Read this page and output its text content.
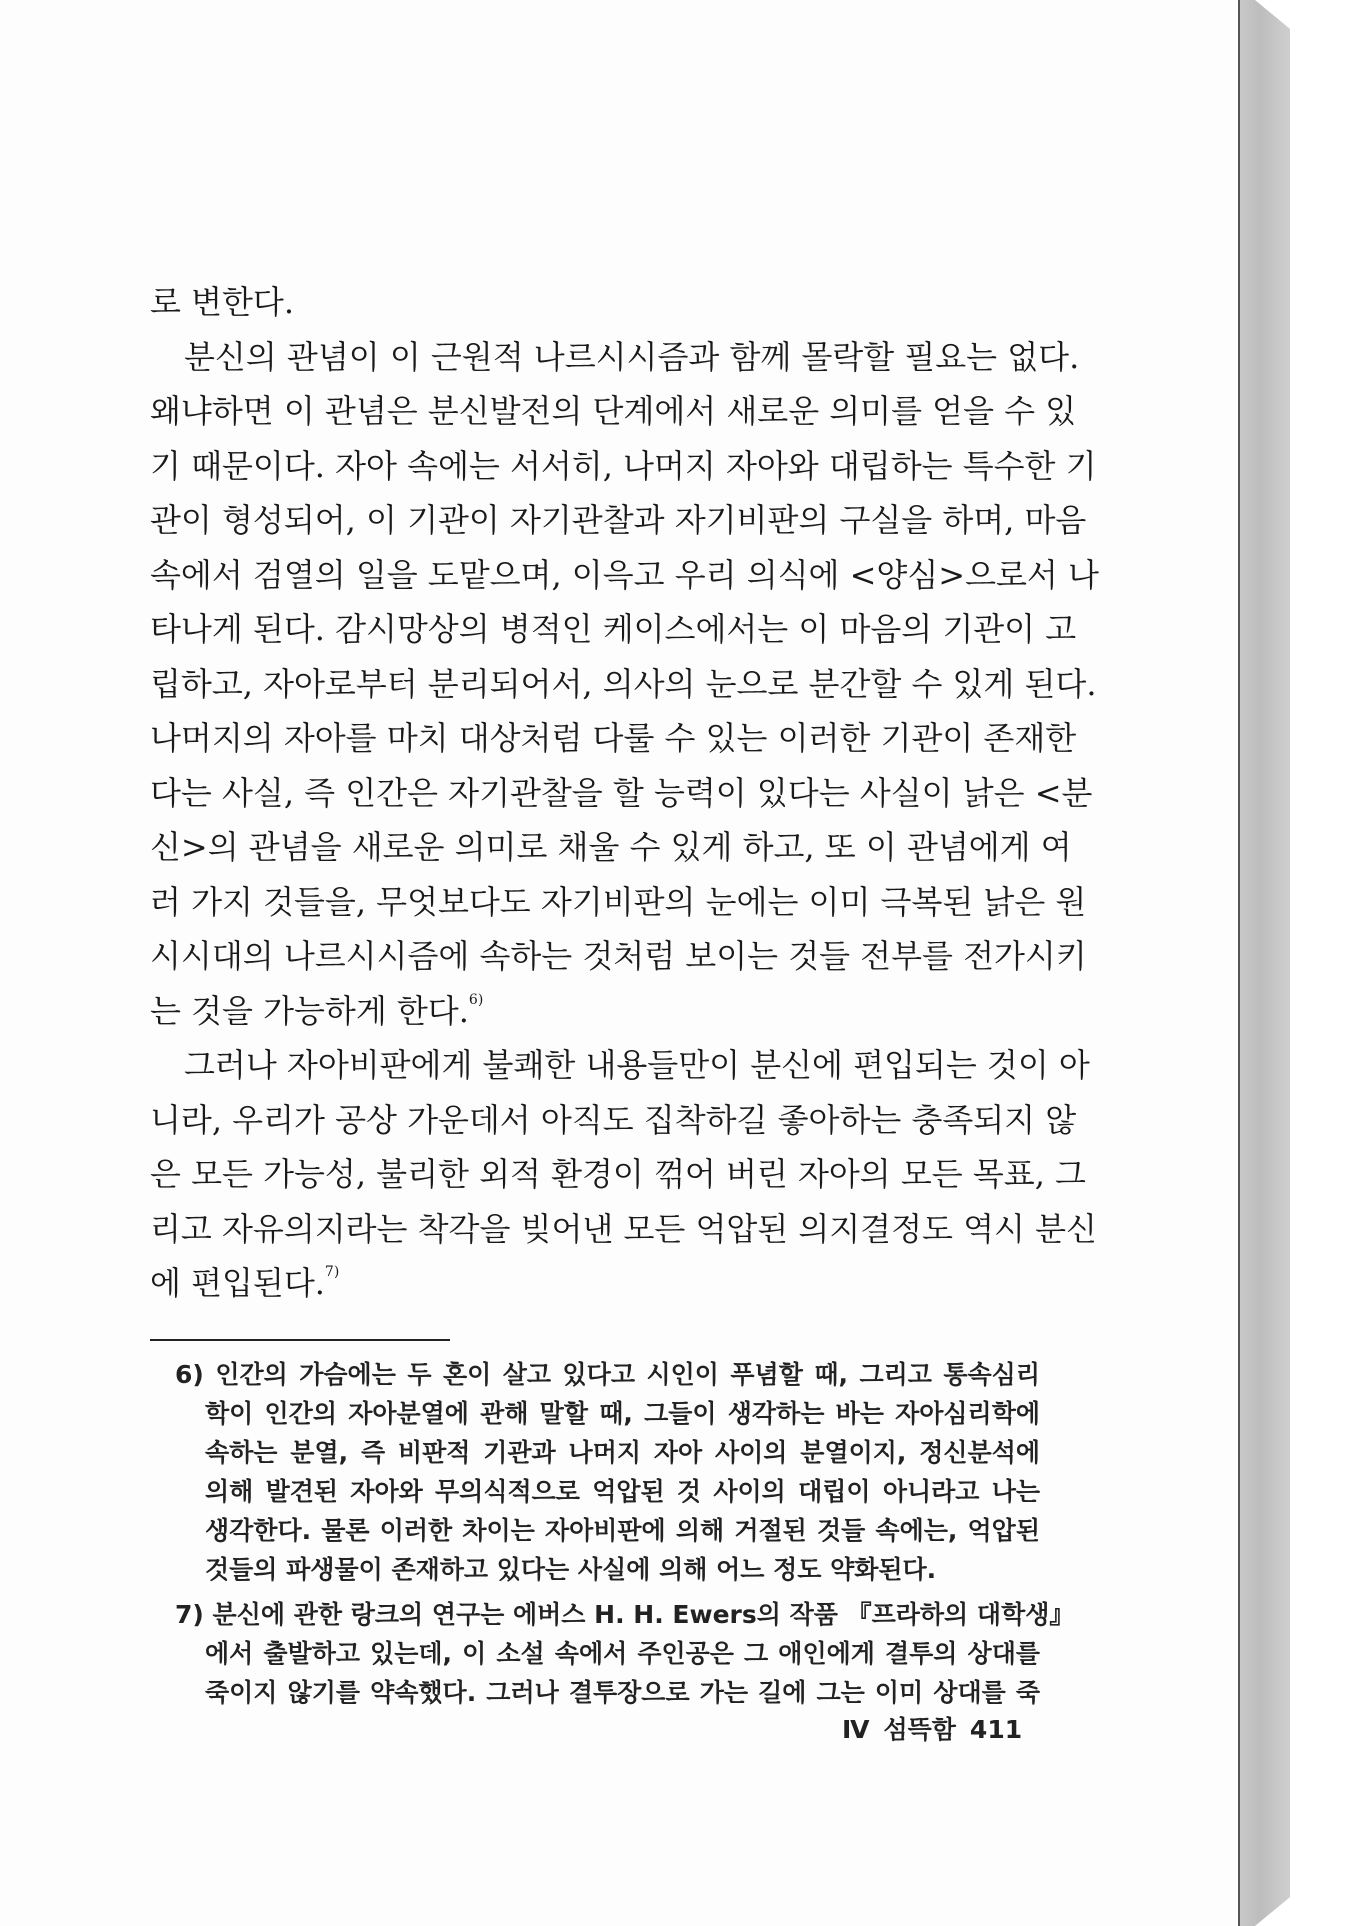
로 변한다.
분신의 관념이 이 근원적 나르시시즘과 함께 몰락할 필요는 없다.
왜냐하면 이 관념은 분신발전의 단계에서 새로운 의미를 얻을 수 있
기 때문이다. 자아 속에는 서서히, 나머지 자아와 대립하는 특수한 기
관이 형성되어, 이 기관이 자기관찰과 자기비판의 구실을 하며, 마음
속에서 검열의 일을 도맡으며, 이윽고 우리 의식에 <양심>으로서 나
타나게 된다. 감시망상의 병적인 케이스에서는 이 마음의 기관이 고
립하고, 자아로부터 분리되어서, 의사의 눈으로 분간할 수 있게 된다.
나머지의 자아를 마치 대상처럼 다룰 수 있는 이러한 기관이 존재한
다는 사실, 즉 인간은 자기관찰을 할 능력이 있다는 사실이 낡은 <분
신>의 관념을 새로운 의미로 채울 수 있게 하고, 또 이 관념에게 여
러 가지 것들을, 무엇보다도 자기비판의 눈에는 이미 극복된 낡은 원
시시대의 나르시시즘에 속하는 것처럼 보이는 것들 전부를 전가시키
는 것을 가능하게 한다.$^{6)}$
그러나 자아비판에게 불쾌한 내용들만이 분신에 편입되는 것이 아
니라, 우리가 공상 가운데서 아직도 집착하길 좋아하는 충족되지 않
은 모든 가능성, 불리한 외적 환경이 꺾어 버린 자아의 모든 목표, 그
리고 자유의지라는 착각을 빚어낸 모든 억압된 의지결정도 역시 분신
에 편입된다.$^{7)}$
6) 인간의 가슴에는 두 혼이 살고 있다고 시인이 푸념할 때, 그리고 통속심리
학이 인간의 자아분열에 관해 말할 때, 그들이 생각하는 바는 자아심리학에
속하는 분열, 즉 비판적 기관과 나머지 자아 사이의 분열이지, 정신분석에
의해 발견된 자아와 무의식적으로 억압된 것 사이의 대립이 아니라고 나는
생각한다. 물론 이러한 차이는 자아비판에 의해 거절된 것들 속에는, 억압된
것들의 파생물이 존재하고 있다는 사실에 의해 어느 정도 약화된다.
7) 분신에 관한 랑크의 연구는 에버스 H. H. Ewers의 작품 『프라하의 대학생』
에서 출발하고 있는데, 이 소설 속에서 주인공은 그 애인에게 결투의 상대를
죽이지 않기를 약속했다. 그러나 결투장으로 가는 길에 그는 이미 상대를 죽
Ⅳ 섬뜩함 411
